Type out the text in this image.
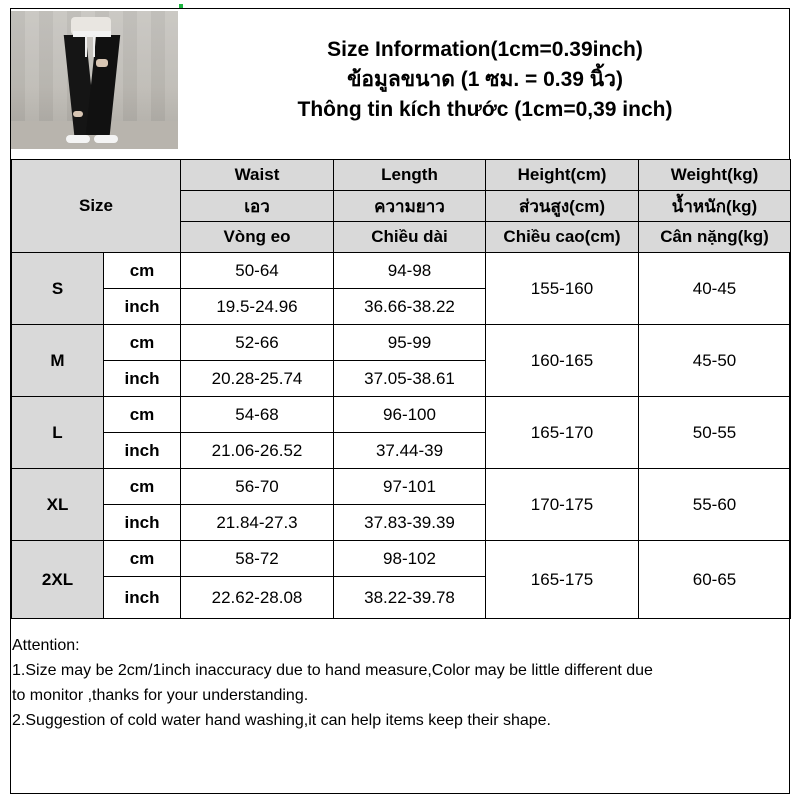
Size Information(1cm=0.39inch)
ข้อมูลขนาด (1 ซม. = 0.39 นิ้ว)
Thông tin kích thước (1cm=0,39 inch)
Size		Waist	Length	Height(cm)	Weight(kg)
		เอว	ความยาว	ส่วนสูง(cm)	น้ำหนัก(kg)
		Vòng eo	Chiều dài	Chiều cao(cm)	Cân nặng(kg)
S	cm	50-64	94-98	155-160	40-45
	inch	19.5-24.96	36.66-38.22		
M	cm	52-66	95-99	160-165	45-50
	inch	20.28-25.74	37.05-38.61		
L	cm	54-68	96-100	165-170	50-55
	inch	21.06-26.52	37.44-39		
XL	cm	56-70	97-101	170-175	55-60
	inch	21.84-27.3	37.83-39.39		
2XL	cm	58-72	98-102	165-175	60-65
	inch	22.62-28.08	38.22-39.78		
Attention:
1.Size may be 2cm/1inch inaccuracy due to hand measure,Color may be little different due
to monitor ,thanks for your understanding.
2.Suggestion of cold water hand washing,it can help items keep their shape.
